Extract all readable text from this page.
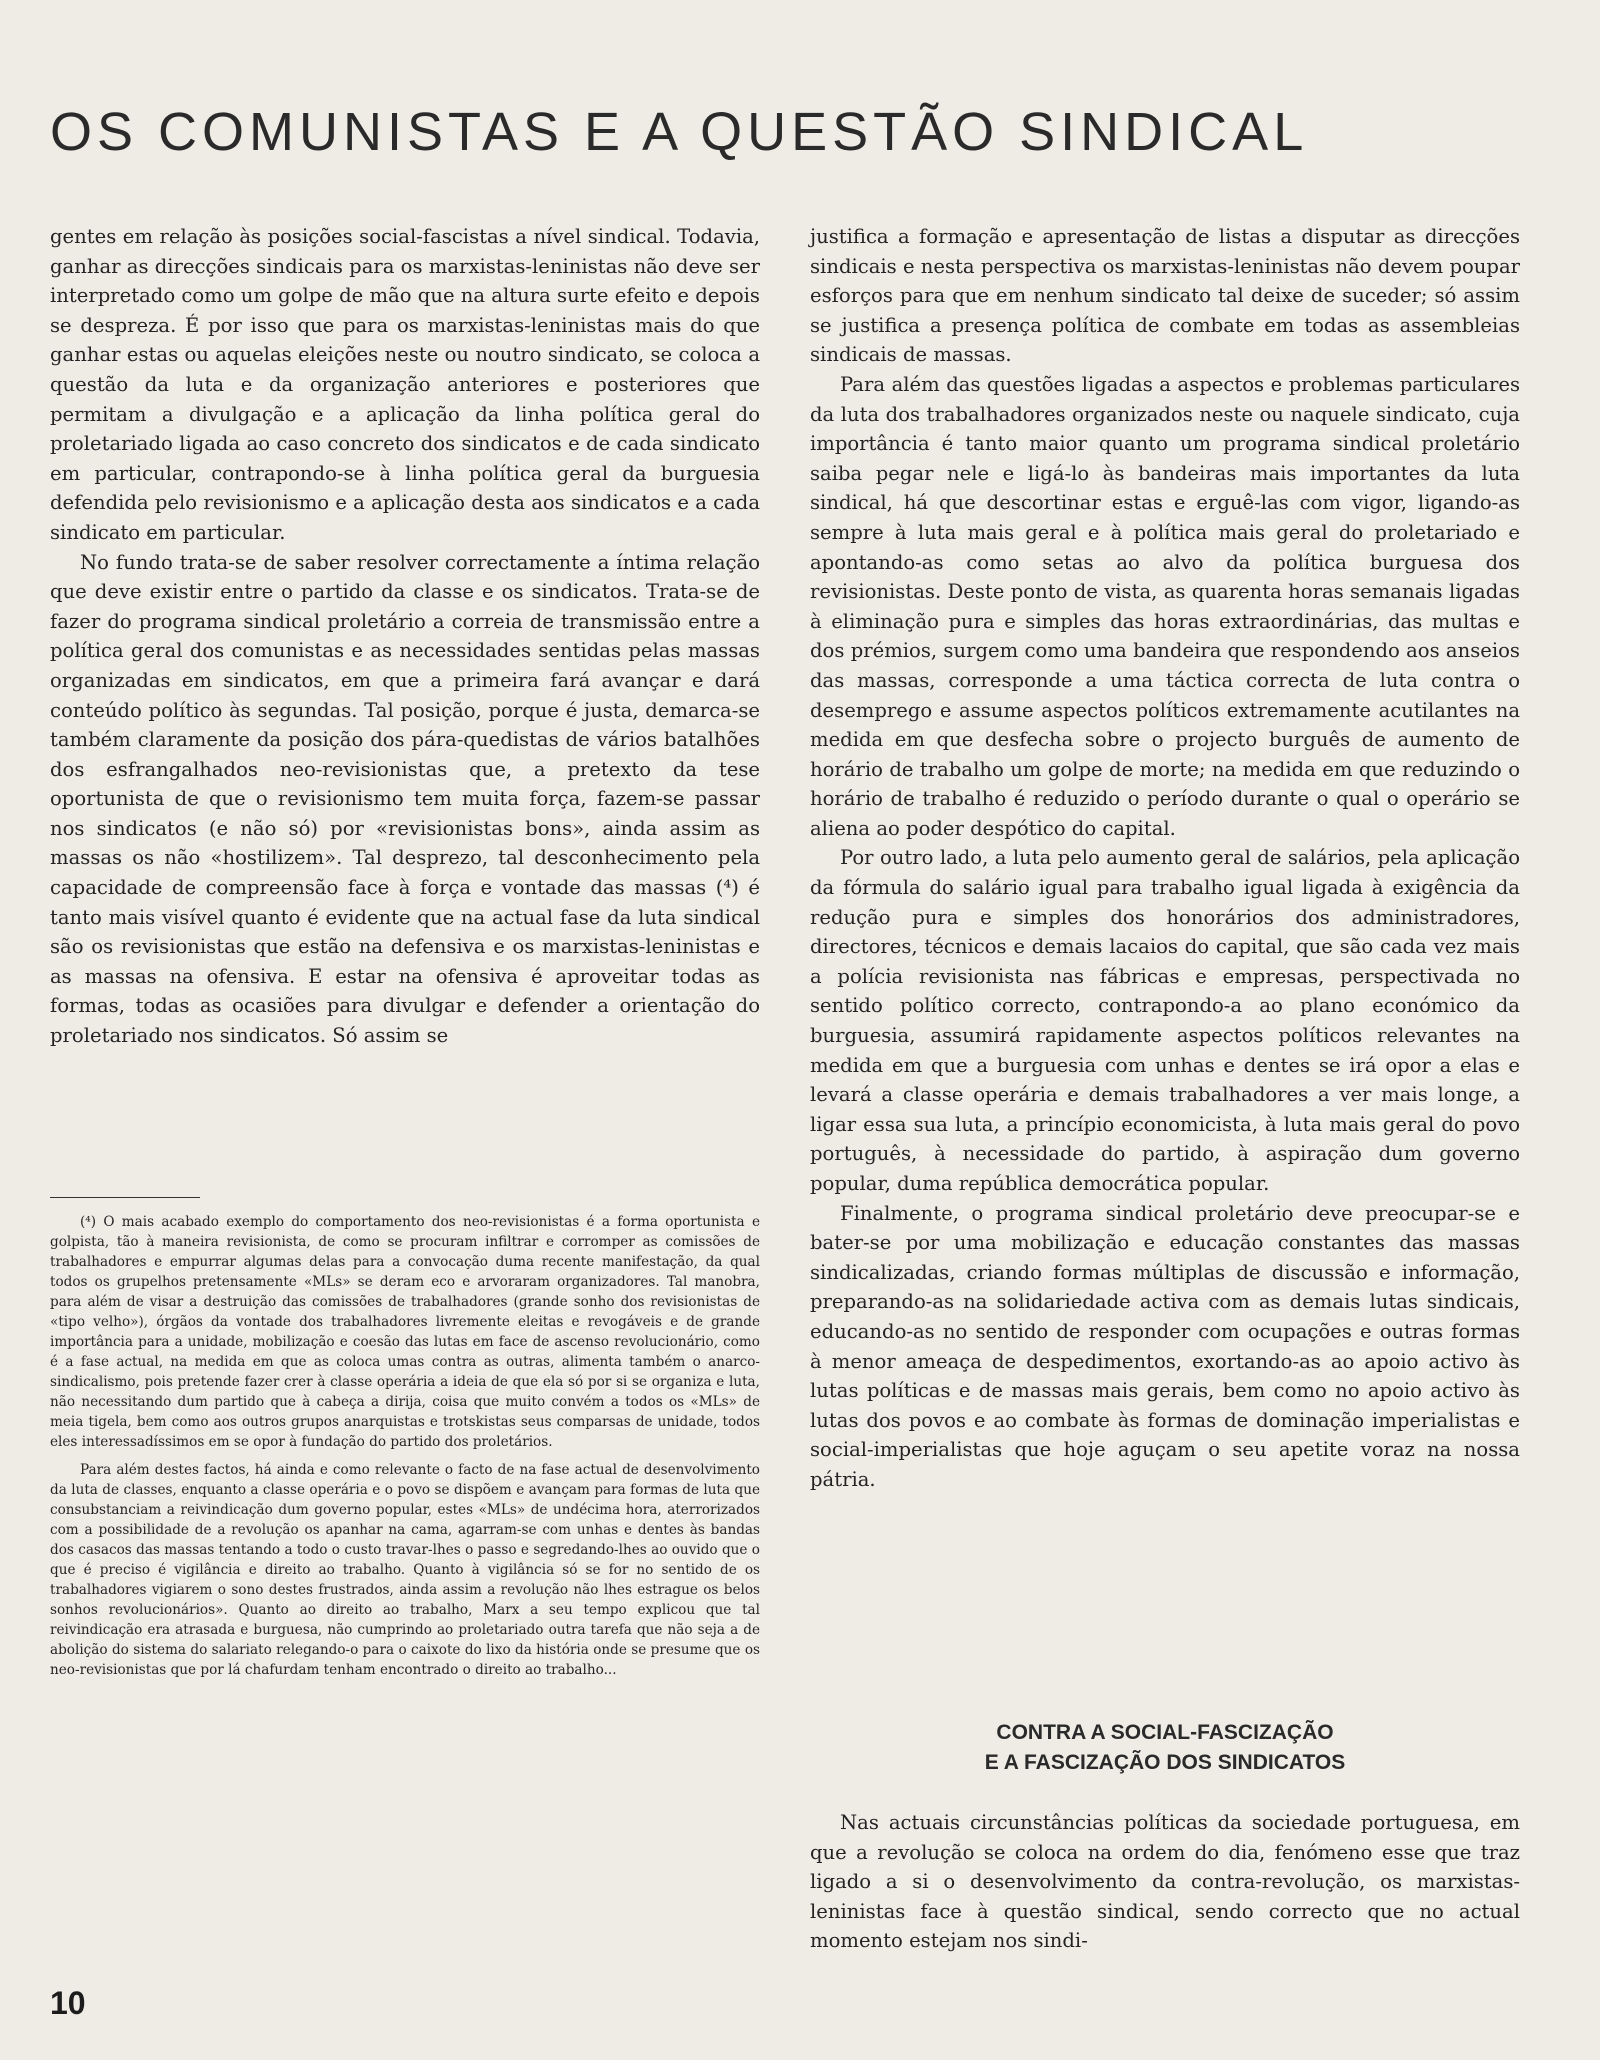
OS COMUNISTAS E A QUESTÃO SINDICAL

gentes em relação às posições social-fascistas a nível sindical. Todavia, ganhar as direcções sindicais para os marxistas-leninistas não deve ser interpretado como um golpe de mão que na altura surte efeito e depois se despreza. É por isso que para os marxistas-leninistas mais do que ganhar estas ou aquelas eleições neste ou noutro sindicato, se coloca a questão da luta e da organização anteriores e posteriores que permitam a divulgação e a aplicação da linha política geral do proletariado ligada ao caso concreto dos sindicatos e de cada sindicato em particular, contrapondo-se à linha política geral da burguesia defendida pelo revisionismo e a aplicação desta aos sindicatos e a cada sindicato em particular.

No fundo trata-se de saber resolver correctamente a íntima relação que deve existir entre o partido da classe e os sindicatos. Trata-se de fazer do programa sindical proletário a correia de transmissão entre a política geral dos comunistas e as necessidades sentidas pelas massas organizadas em sindicatos, em que a primeira fará avançar e dará conteúdo político às segundas. Tal posição, porque é justa, demarca-se também claramente da posição dos pára-quedistas de vários batalhões dos esfrangalhados neo-revisionistas que, a pretexto da tese oportunista de que o revisionismo tem muita força, fazem-se passar nos sindicatos (e não só) por «revisionistas bons», ainda assim as massas os não «hostilizem». Tal desprezo, tal desconhecimento pela capacidade de compreensão face à força e vontade das massas (⁴) é tanto mais visível quanto é evidente que na actual fase da luta sindical são os revisionistas que estão na defensiva e os marxistas-leninistas e as massas na ofensiva. E estar na ofensiva é aproveitar todas as formas, todas as ocasiões para divulgar e defender a orientação do proletariado nos sindicatos. Só assim se

(⁴) O mais acabado exemplo do comportamento dos neo-revisionistas é a forma oportunista e golpista, tão à maneira revisionista, de como se procuram infiltrar e corromper as comissões de trabalhadores e empurrar algumas delas para a convocação duma recente manifestação, da qual todos os grupelhos pretensamente «MLs» se deram eco e arvoraram organizadores. Tal manobra, para além de visar a destruição das comissões de trabalhadores (grande sonho dos revisionistas de «tipo velho»), órgãos da vontade dos trabalhadores livremente eleitas e revogáveis e de grande importância para a unidade, mobilização e coesão das lutas em face de ascenso revolucionário, como é a fase actual, na medida em que as coloca umas contra as outras, alimenta também o anarco-sindicalismo, pois pretende fazer crer à classe operária a ideia de que ela só por si se organiza e luta, não necessitando dum partido que à cabeça a dirija, coisa que muito convém a todos os «MLs» de meia tigela, bem como aos outros grupos anarquistas e trotskistas seus comparsas de unidade, todos eles interessadíssimos em se opor à fundação do partido dos proletários.

Para além destes factos, há ainda e como relevante o facto de na fase actual de desenvolvimento da luta de classes, enquanto a classe operária e o povo se dispõem e avançam para formas de luta que consubstanciam a reivindicação dum governo popular, estes «MLs» de undécima hora, aterrorizados com a possibilidade de a revolução os apanhar na cama, agarram-se com unhas e dentes às bandas dos casacos das massas tentando a todo o custo travar-lhes o passo e segredando-lhes ao ouvido que o que é preciso é vigilância e direito ao trabalho. Quanto à vigilância só se for no sentido de os trabalhadores vigiarem o sono destes frustrados, ainda assim a revolução não lhes estrague os belos sonhos revolucionários». Quanto ao direito ao trabalho, Marx a seu tempo explicou que tal reivindicação era atrasada e burguesa, não cumprindo ao proletariado outra tarefa que não seja a de abolição do sistema do salariato relegando-o para o caixote do lixo da história onde se presume que os neo-revisionistas que por lá chafurdam tenham encontrado o direito ao trabalho...

justifica a formação e apresentação de listas a disputar as direcções sindicais e nesta perspectiva os marxistas-leninistas não devem poupar esforços para que em nenhum sindicato tal deixe de suceder; só assim se justifica a presença política de combate em todas as assembleias sindicais de massas.

Para além das questões ligadas a aspectos e problemas particulares da luta dos trabalhadores organizados neste ou naquele sindicato, cuja importância é tanto maior quanto um programa sindical proletário saiba pegar nele e ligá-lo às bandeiras mais importantes da luta sindical, há que descortinar estas e erguê-las com vigor, ligando-as sempre à luta mais geral e à política mais geral do proletariado e apontando-as como setas ao alvo da política burguesa dos revisionistas. Deste ponto de vista, as quarenta horas semanais ligadas à eliminação pura e simples das horas extraordinárias, das multas e dos prémios, surgem como uma bandeira que respondendo aos anseios das massas, corresponde a uma táctica correcta de luta contra o desemprego e assume aspectos políticos extremamente acutilantes na medida em que desfecha sobre o projecto burguês de aumento de horário de trabalho um golpe de morte; na medida em que reduzindo o horário de trabalho é reduzido o período durante o qual o operário se aliena ao poder despótico do capital.

Por outro lado, a luta pelo aumento geral de salários, pela aplicação da fórmula do salário igual para trabalho igual ligada à exigência da redução pura e simples dos honorários dos administradores, directores, técnicos e demais lacaios do capital, que são cada vez mais a polícia revisionista nas fábricas e empresas, perspectivada no sentido político correcto, contrapondo-a ao plano económico da burguesia, assumirá rapidamente aspectos políticos relevantes na medida em que a burguesia com unhas e dentes se irá opor a elas e levará a classe operária e demais trabalhadores a ver mais longe, a ligar essa sua luta, a princípio economicista, à luta mais geral do povo português, à necessidade do partido, à aspiração dum governo popular, duma república democrática popular.

Finalmente, o programa sindical proletário deve preocupar-se e bater-se por uma mobilização e educação constantes das massas sindicalizadas, criando formas múltiplas de discussão e informação, preparando-as na solidariedade activa com as demais lutas sindicais, educando-as no sentido de responder com ocupações e outras formas à menor ameaça de despedimentos, exortando-as ao apoio activo às lutas políticas e de massas mais gerais, bem como no apoio activo às lutas dos povos e ao combate às formas de dominação imperialistas e social-imperialistas que hoje aguçam o seu apetite voraz na nossa pátria.

CONTRA A SOCIAL-FASCIZAÇÃO
E A FASCIZAÇÃO DOS SINDICATOS

Nas actuais circunstâncias políticas da sociedade portuguesa, em que a revolução se coloca na ordem do dia, fenómeno esse que traz ligado a si o desenvolvimento da contra-revolução, os marxistas-leninistas face à questão sindical, sendo correcto que no actual momento estejam nos sindi-

10
